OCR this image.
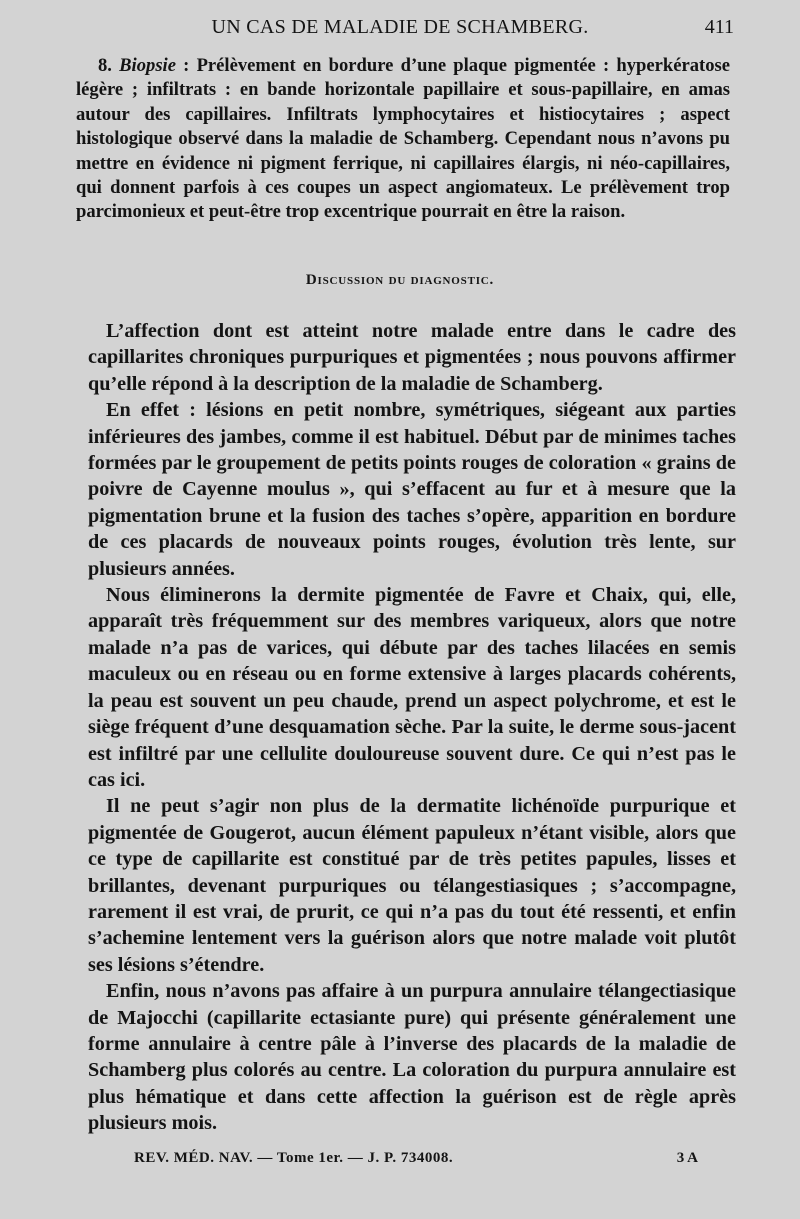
UN CAS DE MALADIE DE SCHAMBERG.	411
8. Biopsie : Prélèvement en bordure d’une plaque pigmentée : hyperkératose légère ; infiltrats : en bande horizontale papillaire et sous-papillaire, en amas autour des capillaires. Infiltrats lymphocytaires et histiocytaires ; aspect histologique observé dans la maladie de Schamberg. Cependant nous n’avons pu mettre en évidence ni pigment ferrique, ni capillaires élargis, ni néo-capillaires, qui donnent parfois à ces coupes un aspect angiomateux. Le prélèvement trop parcimonieux et peut-être trop excentrique pourrait en être la raison.
Discussion du diagnostic.

L’affection dont est atteint notre malade entre dans le cadre des capillarites chroniques purpuriques et pigmentées ; nous pouvons affirmer qu’elle répond à la description de la maladie de Schamberg.

En effet : lésions en petit nombre, symétriques, siégeant aux parties inférieures des jambes, comme il est habituel. Début par de minimes taches formées par le groupement de petits points rouges de coloration « grains de poivre de Cayenne moulus », qui s’effacent au fur et à mesure que la pigmentation brune et la fusion des taches s’opère, apparition en bordure de ces placards de nouveaux points rouges, évolution très lente, sur plusieurs années.

Nous éliminerons la dermite pigmentée de Favre et Chaix, qui, elle, apparaît très fréquemment sur des membres variqueux, alors que notre malade n’a pas de varices, qui débute par des taches lilacées en semis maculeux ou en réseau ou en forme extensive à larges placards cohérents, la peau est souvent un peu chaude, prend un aspect polychrome, et est le siège fréquent d’une desquamation sèche. Par la suite, le derme sous-jacent est infiltré par une cellulite douloureuse souvent dure. Ce qui n’est pas le cas ici.

Il ne peut s’agir non plus de la dermatite lichénoïde purpurique et pigmentée de Gougerot, aucun élément papuleux n’étant visible, alors que ce type de capillarite est constitué par de très petites papules, lisses et brillantes, devenant purpuriques ou télangestiasiques ; s’accompagne, rarement il est vrai, de prurit, ce qui n’a pas du tout été ressenti, et enfin s’achemine lentement vers la guérison alors que notre malade voit plutôt ses lésions s’étendre.

Enfin, nous n’avons pas affaire à un purpura annulaire télangectiasique de Majocchi (capillarite ectasiante pure) qui présente généralement une forme annulaire à centre pâle à l’inverse des placards de la maladie de Schamberg plus colorés au centre. La coloration du purpura annulaire est plus hématique et dans cette affection la guérison est de règle après plusieurs mois.

REV. MÉD. NAV. — Tome 1er. — J. P. 734008.	3 A
